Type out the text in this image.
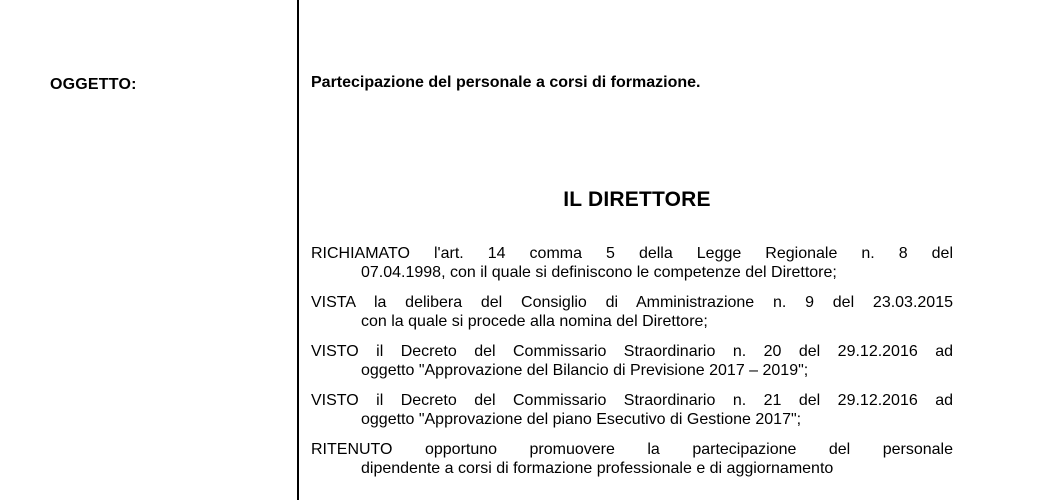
OGGETTO:	Partecipazione del personale a corsi di formazione.
IL DIRETTORE
RICHIAMATO l'art. 14 comma 5 della Legge Regionale n. 8 del
07.04.1998, con il quale si definiscono le competenze del Direttore;
VISTA la delibera del Consiglio di Amministrazione n. 9 del 23.03.2015
con la quale si procede alla nomina del Direttore;
VISTO il Decreto del Commissario Straordinario n. 20 del 29.12.2016 ad
oggetto "Approvazione del Bilancio di Previsione 2017 – 2019";
VISTO il Decreto del Commissario Straordinario n. 21 del 29.12.2016 ad
oggetto "Approvazione del piano Esecutivo di Gestione 2017";
RITENUTO opportuno promuovere la partecipazione del personale
dipendente a corsi di formazione professionale e di aggiornamento
